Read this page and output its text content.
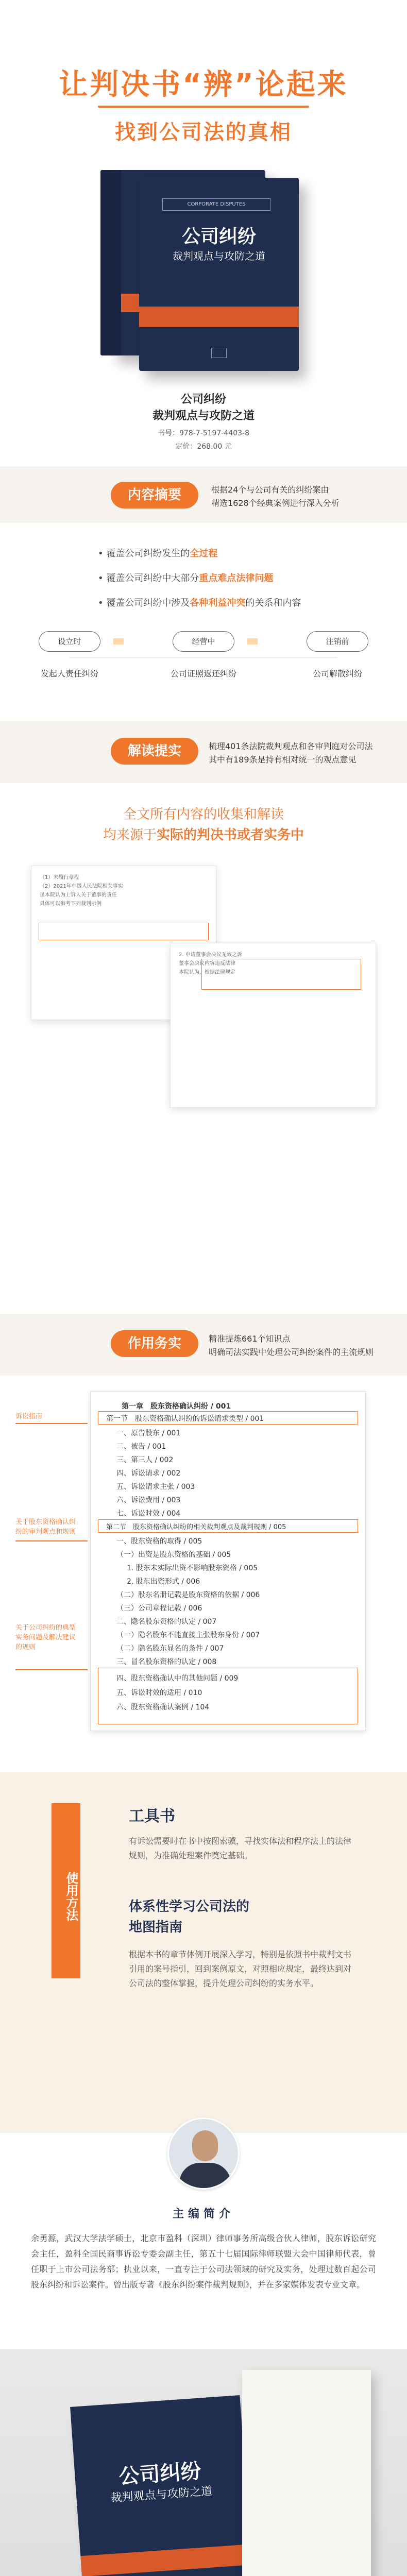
让判决书“辨”论起来
找到公司法的真相
CORPORATE DISPUTES
公司纠纷
裁判观点与攻防之道
公司纠纷
裁判观点与攻防之道
书号：978-7-5197-4403-8
定价：268.00 元
内容摘要	根据24个与公司有关的纠纷案由
精选1628个经典案例进行深入分析
• 覆盖公司纠纷发生的全过程
• 覆盖公司纠纷中大部分重点难点法律问题
• 覆盖公司纠纷中涉及各种利益冲突的关系和内容
设立时	经营中	注销前
发起人责任纠纷	公司证照返还纠纷	公司解散纠纷
解读提实	梳理401条法院裁判观点和各审判庭对公司法
其中有189条是持有相对统一的观点意见
全文所有内容的收集和解读
均来源于实际的判决书或者实务中
（1）未履行章程
（2）2021年中级人民法院相关事实
虽本院认为上诉人关于董事的责任
具体可以参考下列裁判示例
2. 申请董事会决议无效之诉
董事会决议内容违反法律
本院认为，根据法律规定
作用务实	精准提炼661个知识点
明确司法实践中处理公司纠纷案件的主流规则
第一章　股东资格确认纠纷 / 001
第一节　股东资格确认纠纷的诉讼请求类型 / 001
一、原告股东 / 001
二、被告 / 001
三、第三人 / 002
四、诉讼请求 / 002
五、诉讼请求主张 / 003
六、诉讼费用 / 003
七、诉讼时效 / 004
第二节　股东资格确认纠纷的相关裁判观点及裁判规则 / 005
一、股东资格的取得 / 005
（一）出资是股东资格的基础 / 005
1. 股东未实际出资不影响股东资格 / 005
2. 股东出资形式 / 006
（二）股东名册记载是股东资格的依据 / 006
（三）公司章程记载 / 006
二、隐名股东资格的认定 / 007
（一）隐名股东不能直接主张股东身份 / 007
（二）隐名股东显名的条件 / 007
三、冒名股东资格的认定 / 008
四、股东资格确认中的其他问题 / 009
五、诉讼时效的适用 / 010
六、股东资格确认案例 / 104
诉讼指南
关于股东资格确认纠纷的审判观点和规则
关于公司纠纷的典型实务问题及解决建议的规则
使用方法
工具书
有诉讼需要时在书中按图索骥，寻找实体法和程序法上的法律规则，为准确处理案件奠定基础。
体系性学习公司法的
地图指南
根据本书的章节体例开展深入学习，特别是依照书中裁判文书引用的案号指引，回到案例原文，对照相应规定，最终达到对公司法的整体掌握，提升处理公司纠纷的实务水平。
主编简介
余勇源，武汉大学法学硕士，北京市盈科（深圳）律师事务所高级合伙人律师，股东诉讼研究会主任，盈科全国民商事诉讼专委会副主任，第五十七届国际律师联盟大会中国律师代表，曾任职于上市公司法务部；执业以来，一直专注于公司法领域的研究及实务，处理过数百起公司股东纠纷和诉讼案件。曾出版专著《股东纠纷案件裁判规则》，并在多家媒体发表专业文章。
公司纠纷
裁判观点与攻防之道
